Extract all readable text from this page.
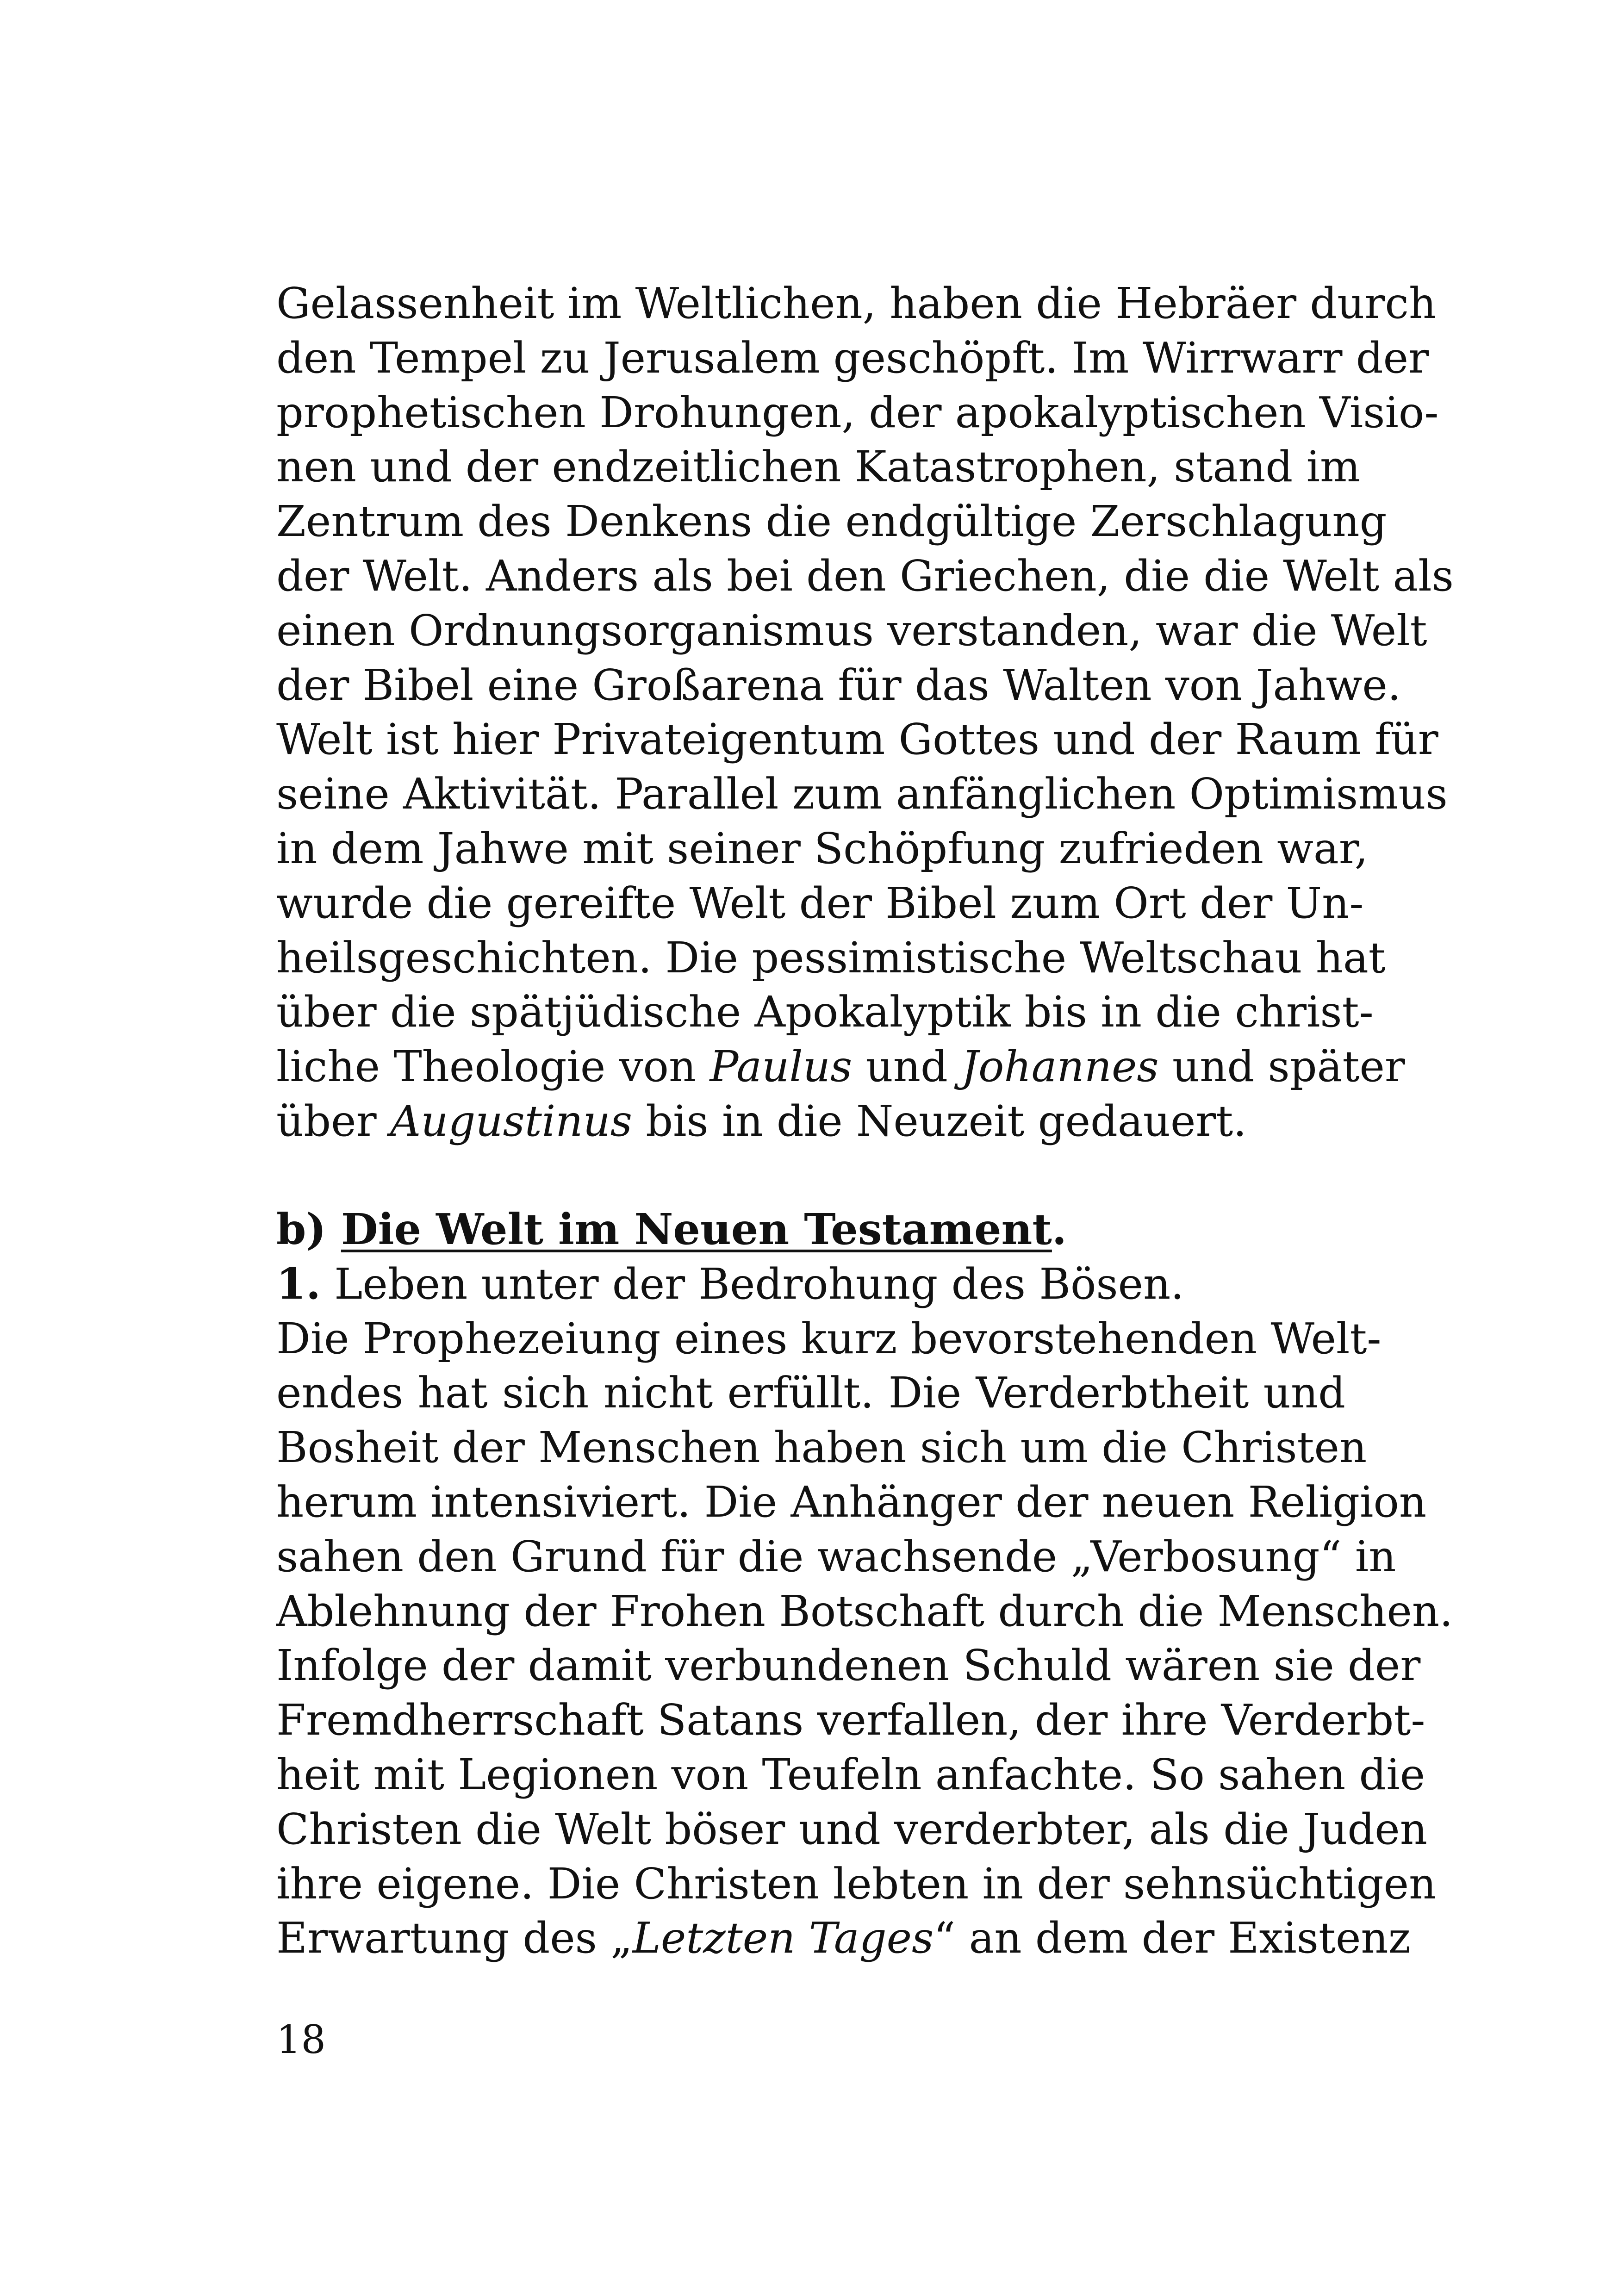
Gelassenheit im Weltlichen, haben die Hebräer durch
den Tempel zu Jerusalem geschöpft. Im Wirrwarr der
prophetischen Drohungen, der apokalyptischen Visio-
nen und der endzeitlichen Katastrophen, stand im
Zentrum des Denkens die endgültige Zerschlagung
der Welt. Anders als bei den Griechen, die die Welt als
einen Ordnungsorganismus verstanden, war die Welt
der Bibel eine Großarena für das Walten von Jahwe.
Welt ist hier Privateigentum Gottes und der Raum für
seine Aktivität. Parallel zum anfänglichen Optimismus
in dem Jahwe mit seiner Schöpfung zufrieden war,
wurde die gereifte Welt der Bibel zum Ort der Un-
heilsgeschichten. Die pessimistische Weltschau hat
über die spätjüdische Apokalyptik bis in die christ-
liche Theologie von Paulus und Johannes und später
über Augustinus bis in die Neuzeit gedauert.
b) Die Welt im Neuen Testament.
1. Leben unter der Bedrohung des Bösen.
Die Prophezeiung eines kurz bevorstehenden Welt-
endes hat sich nicht erfüllt. Die Verderbtheit und
Bosheit der Menschen haben sich um die Christen
herum intensiviert. Die Anhänger der neuen Religion
sahen den Grund für die wachsende „Verbosung“ in
Ablehnung der Frohen Botschaft durch die Menschen.
Infolge der damit verbundenen Schuld wären sie der
Fremdherrschaft Satans verfallen, der ihre Verderbt-
heit mit Legionen von Teufeln anfachte. So sahen die
Christen die Welt böser und verderbter, als die Juden
ihre eigene. Die Christen lebten in der sehnsüchtigen
Erwartung des „Letzten Tages“ an dem der Existenz
18
